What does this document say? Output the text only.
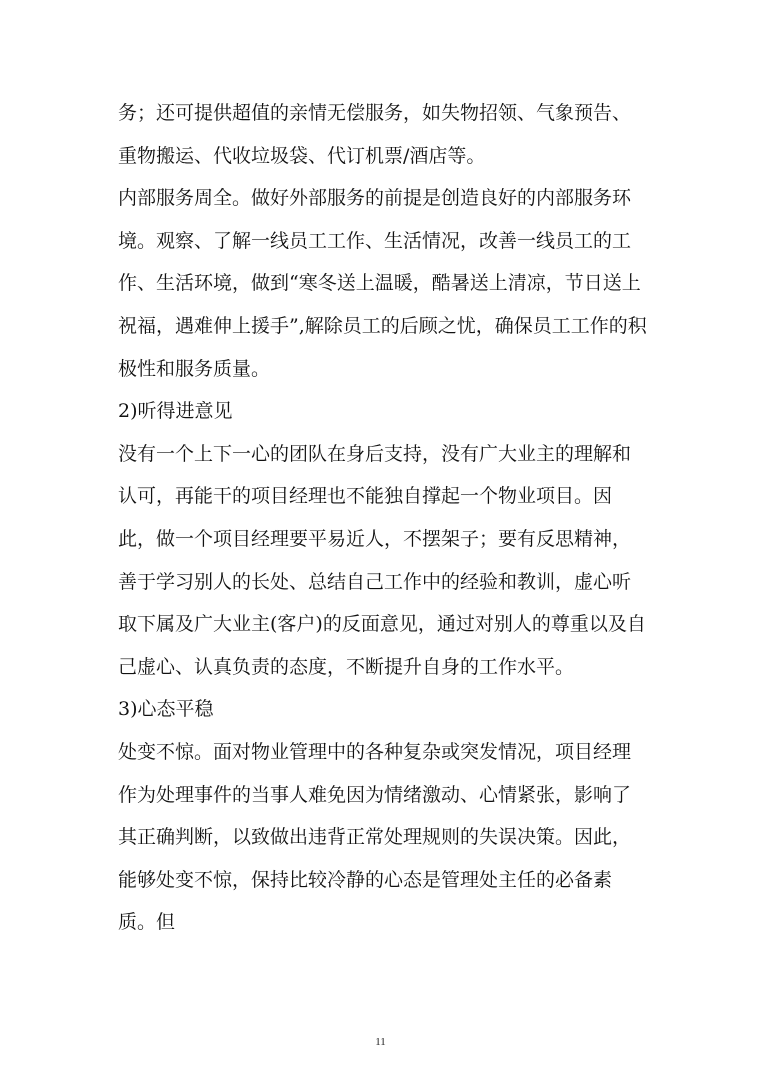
务；还可提供超值的亲情无偿服务，如失物招领、气象预告、
重物搬运、代收垃圾袋、代订机票/酒店等。
内部服务周全。做好外部服务的前提是创造良好的内部服务环
境。观察、了解一线员工工作、生活情况，改善一线员工的工
作、生活环境，做到“寒冬送上温暖，酷暑送上清凉，节日送上
祝福，遇难伸上援手”,解除员工的后顾之忧，确保员工工作的积
极性和服务质量。
2)听得进意见
没有一个上下一心的团队在身后支持，没有广大业主的理解和
认可，再能干的项目经理也不能独自撑起一个物业项目。因
此，做一个项目经理要平易近人，不摆架子；要有反思精神，
善于学习别人的长处、总结自己工作中的经验和教训，虚心听
取下属及广大业主(客户)的反面意见，通过对别人的尊重以及自
己虚心、认真负责的态度，不断提升自身的工作水平。
3)心态平稳
处变不惊。面对物业管理中的各种复杂或突发情况，项目经理
作为处理事件的当事人难免因为情绪激动、心情紧张，影响了
其正确判断，以致做出违背正常处理规则的失误决策。因此，
能够处变不惊，保持比较冷静的心态是管理处主任的必备素
质。但
11
